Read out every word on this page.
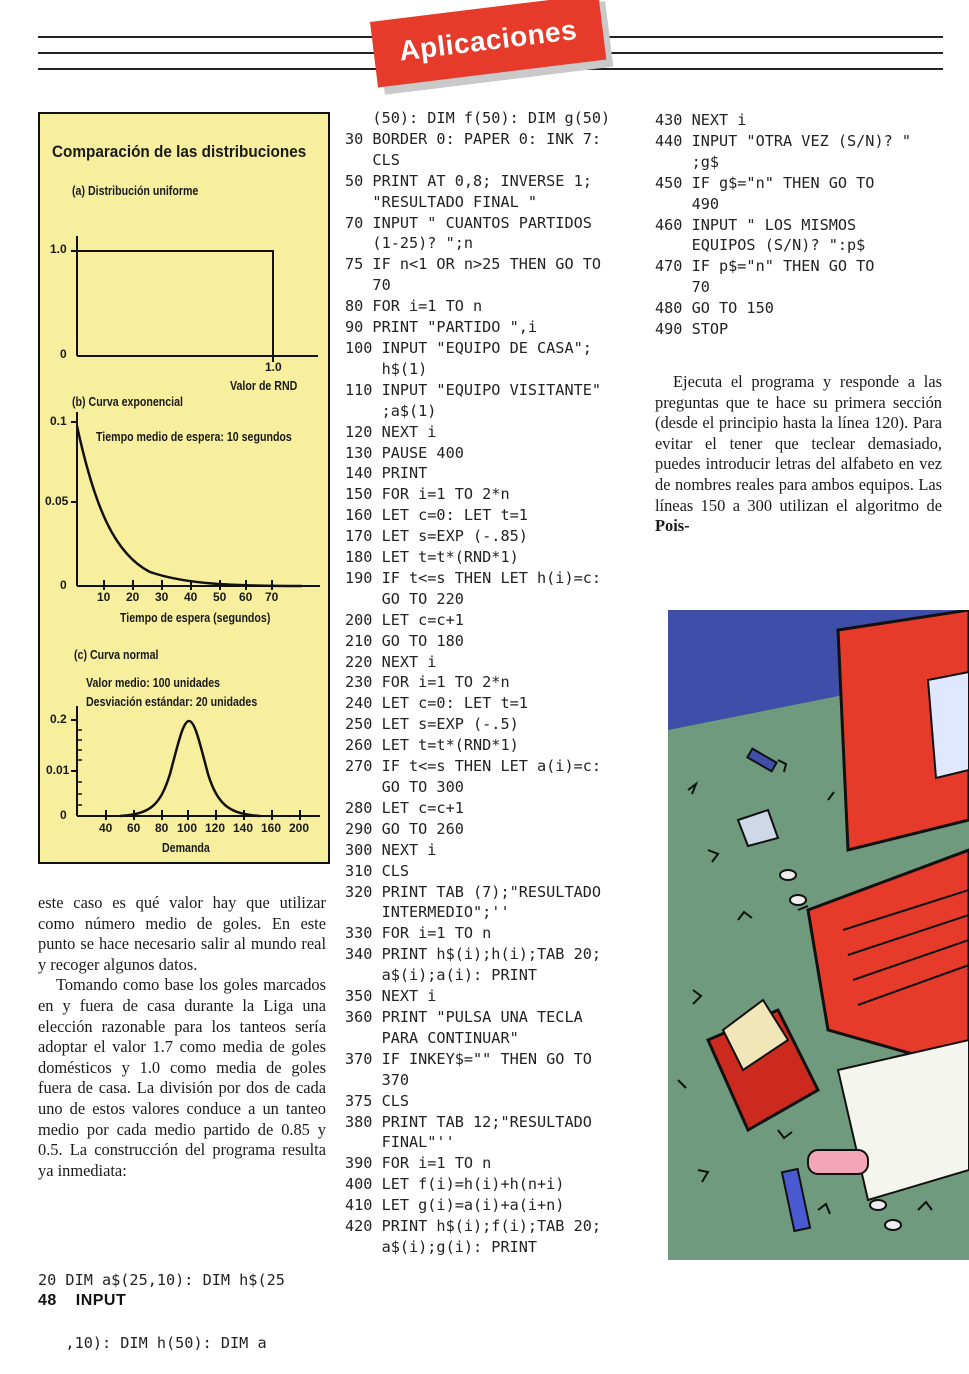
Aplicaciones
Comparación de las distribuciones
(a) Distribución uniforme
1.0
0
1.0
Valor de RND
(b) Curva exponencial
Tiempo medio de espera: 10 segundos
0.1
0.05
0
10 20 30 40 50 60 70
Tiempo de espera (segundos)
(c) Curva normal
Valor medio: 100 unidades
Desviación estándar: 20 unidades
0.2
0.01
0
40 60 80 100 120 140 160 200
Demanda

este caso es qué valor hay que utilizar como número medio de goles. En este punto se hace necesario salir al mundo real y recoger algunos datos.

Tomando como base los goles marcados en y fuera de casa durante la Liga una elección razonable para los tanteos sería adoptar el valor 1.7 como media de goles domésticos y 1.0 como media de goles fuera de casa. La división por dos de cada uno de estos valores conduce a un tanteo medio por cada medio partido de 0.85 y 0.5. La construcción del programa resulta ya inmediata:

20 DIM a$(25,10): DIM h$(25

,10): DIM h(50): DIM a

(50): DIM f(50): DIM g(50)
30 BORDER 0: PAPER 0: INK 7:
CLS
50 PRINT AT 0,8; INVERSE 1;
"RESULTADO FINAL "
70 INPUT " CUANTOS PARTIDOS
(1-25)? ";n
75 IF n<1 OR n>25 THEN GO TO
70
80 FOR i=1 TO n
90 PRINT "PARTIDO ",i
100 INPUT "EQUIPO DE CASA";
h$(1)
110 INPUT "EQUIPO VISITANTE"
;a$(1)
120 NEXT i
130 PAUSE 400
140 PRINT
150 FOR i=1 TO 2*n
160 LET c=0: LET t=1
170 LET s=EXP (-.85)
180 LET t=t*(RND*1)
190 IF t<=s THEN LET h(i)=c:
GO TO 220
200 LET c=c+1
210 GO TO 180
220 NEXT i
230 FOR i=1 TO 2*n
240 LET c=0: LET t=1
250 LET s=EXP (-.5)
260 LET t=t*(RND*1)
270 IF t<=s THEN LET a(i)=c:
GO TO 300
280 LET c=c+1
290 GO TO 260
300 NEXT i
310 CLS
320 PRINT TAB (7);"RESULTADO
INTERMEDIO";''
330 FOR i=1 TO n
340 PRINT h$(i);h(i);TAB 20;
a$(i);a(i): PRINT
350 NEXT i
360 PRINT "PULSA UNA TECLA
PARA CONTINUAR"
370 IF INKEY$="" THEN GO TO
370
375 CLS
380 PRINT TAB 12;"RESULTADO
FINAL"''
390 FOR i=1 TO n
400 LET f(i)=h(i)+h(n+i)
410 LET g(i)=a(i)+a(i+n)
420 PRINT h$(i);f(i);TAB 20;
a$(i);g(i): PRINT
430 NEXT i
440 INPUT "OTRA VEZ (S/N)? "
;g$
450 IF g$="n" THEN GO TO
490
460 INPUT " LOS MISMOS
EQUIPOS (S/N)? ":p$
470 IF p$="n" THEN GO TO
70
480 GO TO 150
490 STOP

Ejecuta el programa y responde a las preguntas que te hace su primera sección (desde el principio hasta la línea 120). Para evitar el tener que teclear demasiado, puedes introducir letras del alfabeto en vez de nombres reales para ambos equipos. Las líneas 150 a 300 utilizan el algoritmo de Pois-

48 INPUT
